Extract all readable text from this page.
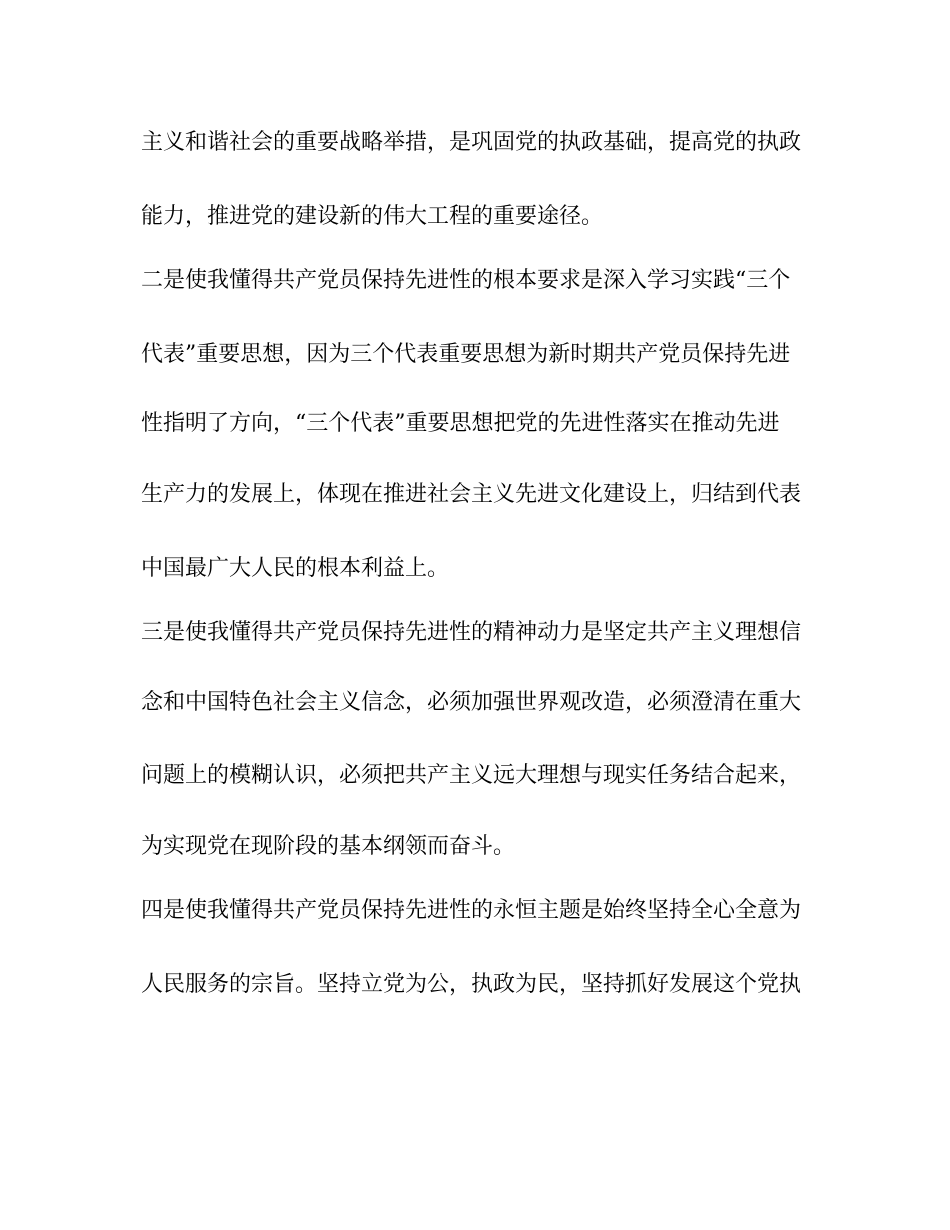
主义和谐社会的重要战略举措，是巩固党的执政基础，提高党的执政
能力，推进党的建设新的伟大工程的重要途径。
二是使我懂得共产党员保持先进性的根本要求是深入学习实践“三个
代表”重要思想，因为三个代表重要思想为新时期共产党员保持先进
性指明了方向，“三个代表”重要思想把党的先进性落实在推动先进
生产力的发展上，体现在推进社会主义先进文化建设上，归结到代表
中国最广大人民的根本利益上。
三是使我懂得共产党员保持先进性的精神动力是坚定共产主义理想信
念和中国特色社会主义信念，必须加强世界观改造，必须澄清在重大
问题上的模糊认识，必须把共产主义远大理想与现实任务结合起来，
为实现党在现阶段的基本纲领而奋斗。
四是使我懂得共产党员保持先进性的永恒主题是始终坚持全心全意为
人民服务的宗旨。坚持立党为公，执政为民，坚持抓好发展这个党执
